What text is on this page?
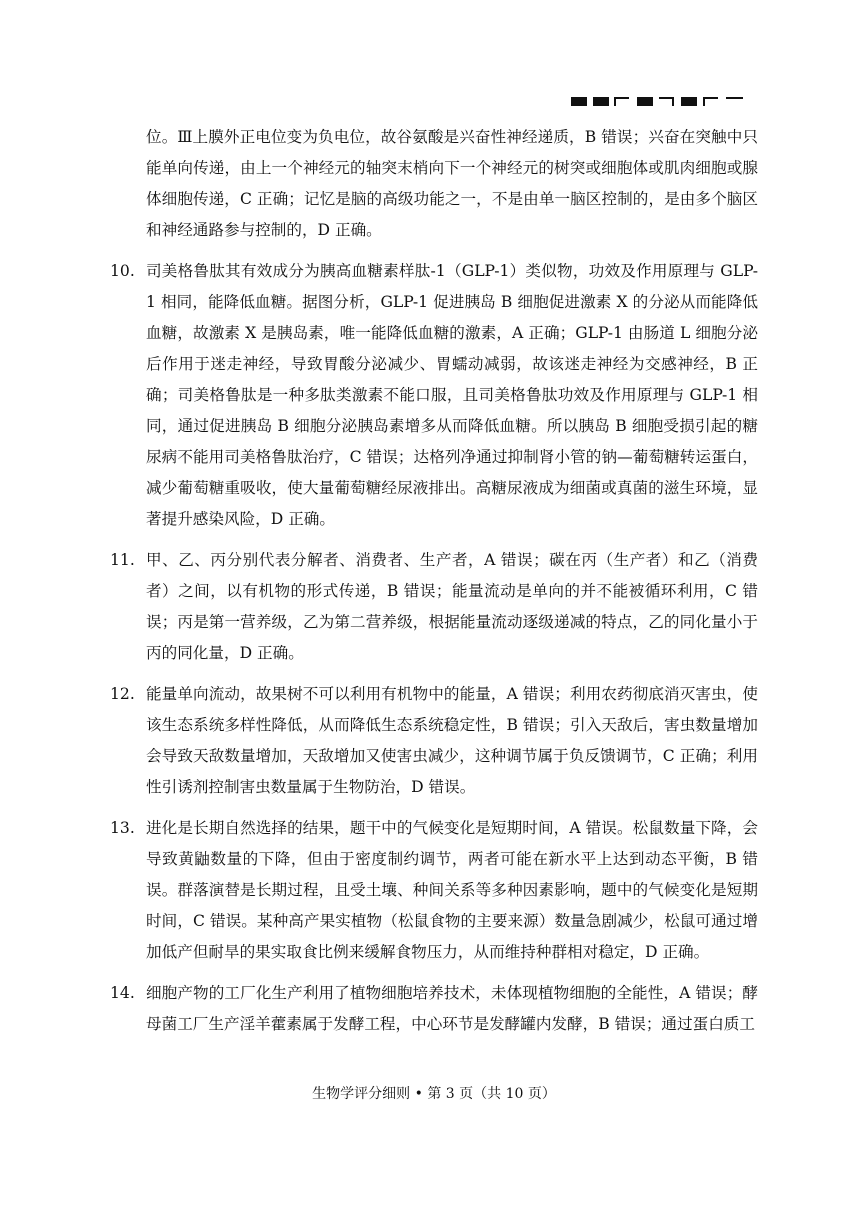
位。Ⅲ上膜外正电位变为负电位，故谷氨酸是兴奋性神经递质，B 错误；兴奋在突触中只能单向传递，由上一个神经元的轴突末梢向下一个神经元的树突或细胞体或肌肉细胞或腺体细胞传递，C 正确；记忆是脑的高级功能之一，不是由单一脑区控制的，是由多个脑区和神经通路参与控制的，D 正确。

10. 司美格鲁肽其有效成分为胰高血糖素样肽-1（GLP-1）类似物，功效及作用原理与 GLP-1 相同，能降低血糖。据图分析，GLP-1 促进胰岛 B 细胞促进激素 X 的分泌从而能降低血糖，故激素 X 是胰岛素，唯一能降低血糖的激素，A 正确；GLP-1 由肠道 L 细胞分泌后作用于迷走神经，导致胃酸分泌减少、胃蠕动减弱，故该迷走神经为交感神经，B 正确；司美格鲁肽是一种多肽类激素不能口服，且司美格鲁肽功效及作用原理与 GLP-1 相同，通过促进胰岛 B 细胞分泌胰岛素增多从而降低血糖。所以胰岛 B 细胞受损引起的糖尿病不能用司美格鲁肽治疗，C 错误；达格列净通过抑制肾小管的钠—葡萄糖转运蛋白，减少葡萄糖重吸收，使大量葡萄糖经尿液排出。高糖尿液成为细菌或真菌的滋生环境，显著提升感染风险，D 正确。

11. 甲、乙、丙分别代表分解者、消费者、生产者，A 错误；碳在丙（生产者）和乙（消费者）之间，以有机物的形式传递，B 错误；能量流动是单向的并不能被循环利用，C 错误；丙是第一营养级，乙为第二营养级，根据能量流动逐级递减的特点，乙的同化量小于丙的同化量，D 正确。

12. 能量单向流动，故果树不可以利用有机物中的能量，A 错误；利用农药彻底消灭害虫，使该生态系统多样性降低，从而降低生态系统稳定性，B 错误；引入天敌后，害虫数量增加会导致天敌数量增加，天敌增加又使害虫减少，这种调节属于负反馈调节，C 正确；利用性引诱剂控制害虫数量属于生物防治，D 错误。

13. 进化是长期自然选择的结果，题干中的气候变化是短期时间，A 错误。松鼠数量下降，会导致黄鼬数量的下降，但由于密度制约调节，两者可能在新水平上达到动态平衡，B 错误。群落演替是长期过程，且受土壤、种间关系等多种因素影响，题中的气候变化是短期时间，C 错误。某种高产果实植物（松鼠食物的主要来源）数量急剧减少，松鼠可通过增加低产但耐旱的果实取食比例来缓解食物压力，从而维持种群相对稳定，D 正确。

14. 细胞产物的工厂化生产利用了植物细胞培养技术，未体现植物细胞的全能性，A 错误；酵母菌工厂生产淫羊藿素属于发酵工程，中心环节是发酵罐内发酵，B 错误；通过蛋白质工

生物学评分细则 • 第 3 页（共 10 页）
